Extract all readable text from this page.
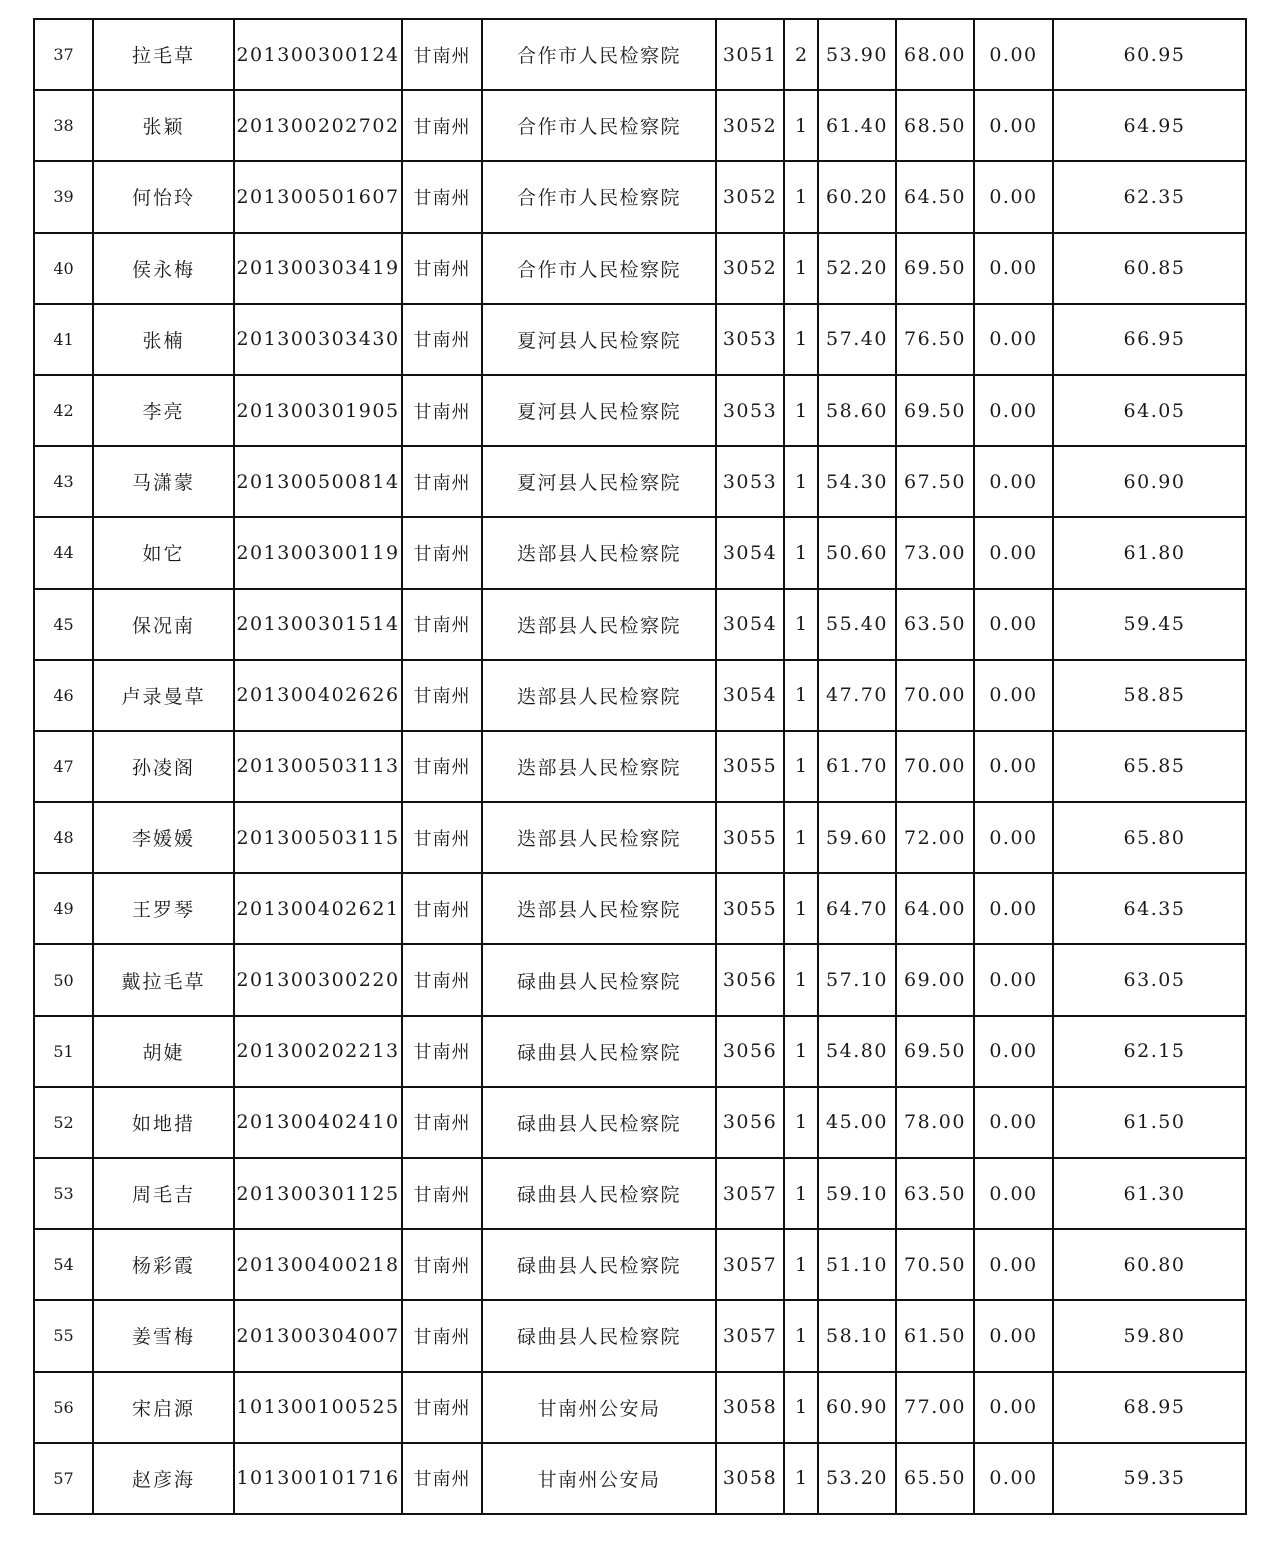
37	拉毛草	201300300124	甘南州	合作市人民检察院	3051	2	53.90	68.00	0.00	60.95
38	张颖	201300202702	甘南州	合作市人民检察院	3052	1	61.40	68.50	0.00	64.95
39	何怡玲	201300501607	甘南州	合作市人民检察院	3052	1	60.20	64.50	0.00	62.35
40	侯永梅	201300303419	甘南州	合作市人民检察院	3052	1	52.20	69.50	0.00	60.85
41	张楠	201300303430	甘南州	夏河县人民检察院	3053	1	57.40	76.50	0.00	66.95
42	李亮	201300301905	甘南州	夏河县人民检察院	3053	1	58.60	69.50	0.00	64.05
43	马潇蒙	201300500814	甘南州	夏河县人民检察院	3053	1	54.30	67.50	0.00	60.90
44	如它	201300300119	甘南州	迭部县人民检察院	3054	1	50.60	73.00	0.00	61.80
45	保况南	201300301514	甘南州	迭部县人民检察院	3054	1	55.40	63.50	0.00	59.45
46	卢录曼草	201300402626	甘南州	迭部县人民检察院	3054	1	47.70	70.00	0.00	58.85
47	孙凌阁	201300503113	甘南州	迭部县人民检察院	3055	1	61.70	70.00	0.00	65.85
48	李媛媛	201300503115	甘南州	迭部县人民检察院	3055	1	59.60	72.00	0.00	65.80
49	王罗琴	201300402621	甘南州	迭部县人民检察院	3055	1	64.70	64.00	0.00	64.35
50	戴拉毛草	201300300220	甘南州	碌曲县人民检察院	3056	1	57.10	69.00	0.00	63.05
51	胡婕	201300202213	甘南州	碌曲县人民检察院	3056	1	54.80	69.50	0.00	62.15
52	如地措	201300402410	甘南州	碌曲县人民检察院	3056	1	45.00	78.00	0.00	61.50
53	周毛吉	201300301125	甘南州	碌曲县人民检察院	3057	1	59.10	63.50	0.00	61.30
54	杨彩霞	201300400218	甘南州	碌曲县人民检察院	3057	1	51.10	70.50	0.00	60.80
55	姜雪梅	201300304007	甘南州	碌曲县人民检察院	3057	1	58.10	61.50	0.00	59.80
56	宋启源	101300100525	甘南州	甘南州公安局	3058	1	60.90	77.00	0.00	68.95
57	赵彦海	101300101716	甘南州	甘南州公安局	3058	1	53.20	65.50	0.00	59.35
